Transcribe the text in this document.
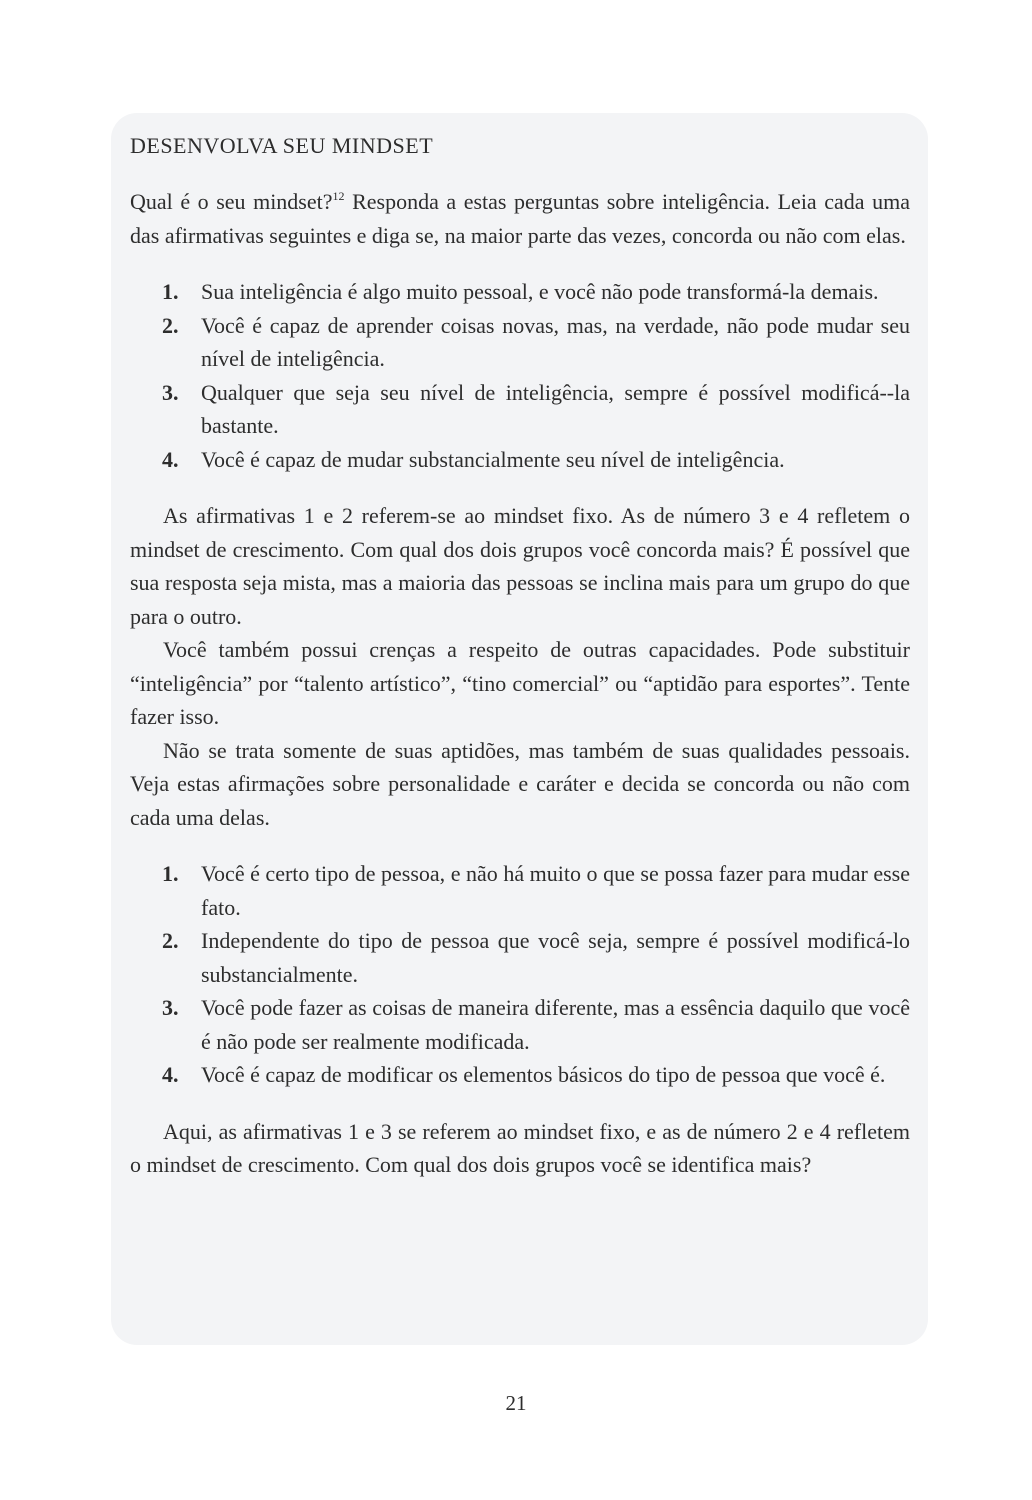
DESENVOLVA SEU MINDSET

Qual é o seu mindset?$^{12}$ Responda a estas perguntas sobre inteligência. Leia cada uma das afirmativas seguintes e diga se, na maior parte das vezes, concorda ou não com elas.

1. Sua inteligência é algo muito pessoal, e você não pode transformá-la demais.
2. Você é capaz de aprender coisas novas, mas, na verdade, não pode mudar seu nível de inteligência.
3. Qualquer que seja seu nível de inteligência, sempre é possível modificá--la bastante.
4. Você é capaz de mudar substancialmente seu nível de inteligência.

As afirmativas 1 e 2 referem-se ao mindset fixo. As de número 3 e 4 refletem o mindset de crescimento. Com qual dos dois grupos você concorda mais? É possível que sua resposta seja mista, mas a maioria das pessoas se inclina mais para um grupo do que para o outro.

Você também possui crenças a respeito de outras capacidades. Pode substituir “inteligência” por “talento artístico”, “tino comercial” ou “aptidão para esportes”. Tente fazer isso.

Não se trata somente de suas aptidões, mas também de suas qualidades pessoais. Veja estas afirmações sobre personalidade e caráter e decida se concorda ou não com cada uma delas.

1. Você é certo tipo de pessoa, e não há muito o que se possa fazer para mudar esse fato.
2. Independente do tipo de pessoa que você seja, sempre é possível modificá-lo substancialmente.
3. Você pode fazer as coisas de maneira diferente, mas a essência daquilo que você é não pode ser realmente modificada.
4. Você é capaz de modificar os elementos básicos do tipo de pessoa que você é.

Aqui, as afirmativas 1 e 3 se referem ao mindset fixo, e as de número 2 e 4 refletem o mindset de crescimento. Com qual dos dois grupos você se identifica mais?

21
